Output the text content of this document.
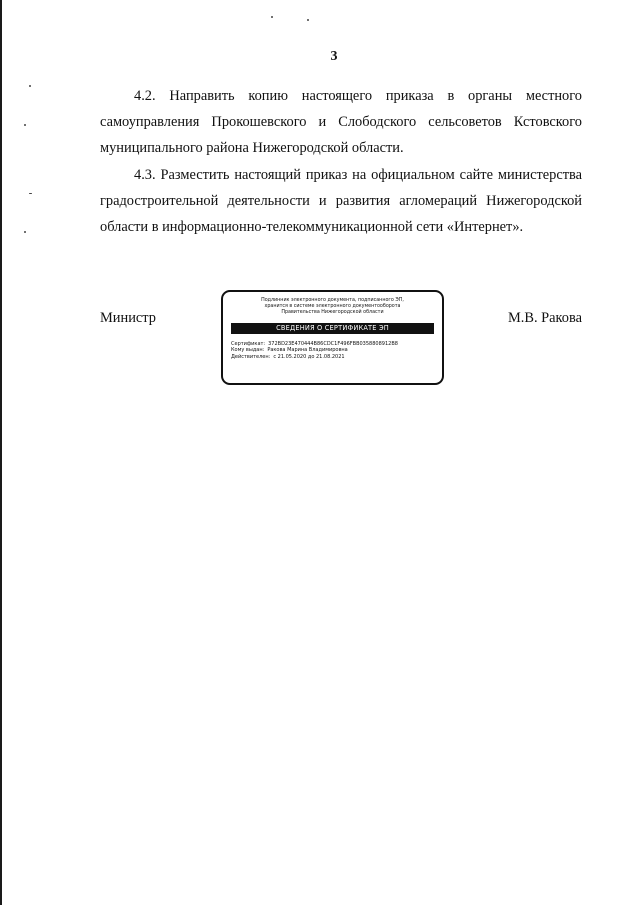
3

4.2. Направить копию настоящего приказа в органы местного самоуправления Прокошевского и Слободского сельсоветов Кстовского муниципального района Нижегородской области.

4.3. Разместить настоящий приказ на официальном сайте министерства градостроительной деятельности и развития агломераций Нижегородской области в информационно-телекоммуникационной сети «Интернет».

Министр
Подлинник электронного документа, подписанного ЭП,
хранится в системе электронного документооборота
Правительства Нижегородской области
СВЕДЕНИЯ О СЕРТИФИКАТЕ ЭП
Сертификат: 372BD23E470444B86CDC1F496FBB0358808912B8
Кому выдан: Ракова Марина Владимировна
Действителен: с 21.05.2020 до 21.08.2021
М.В. Ракова
